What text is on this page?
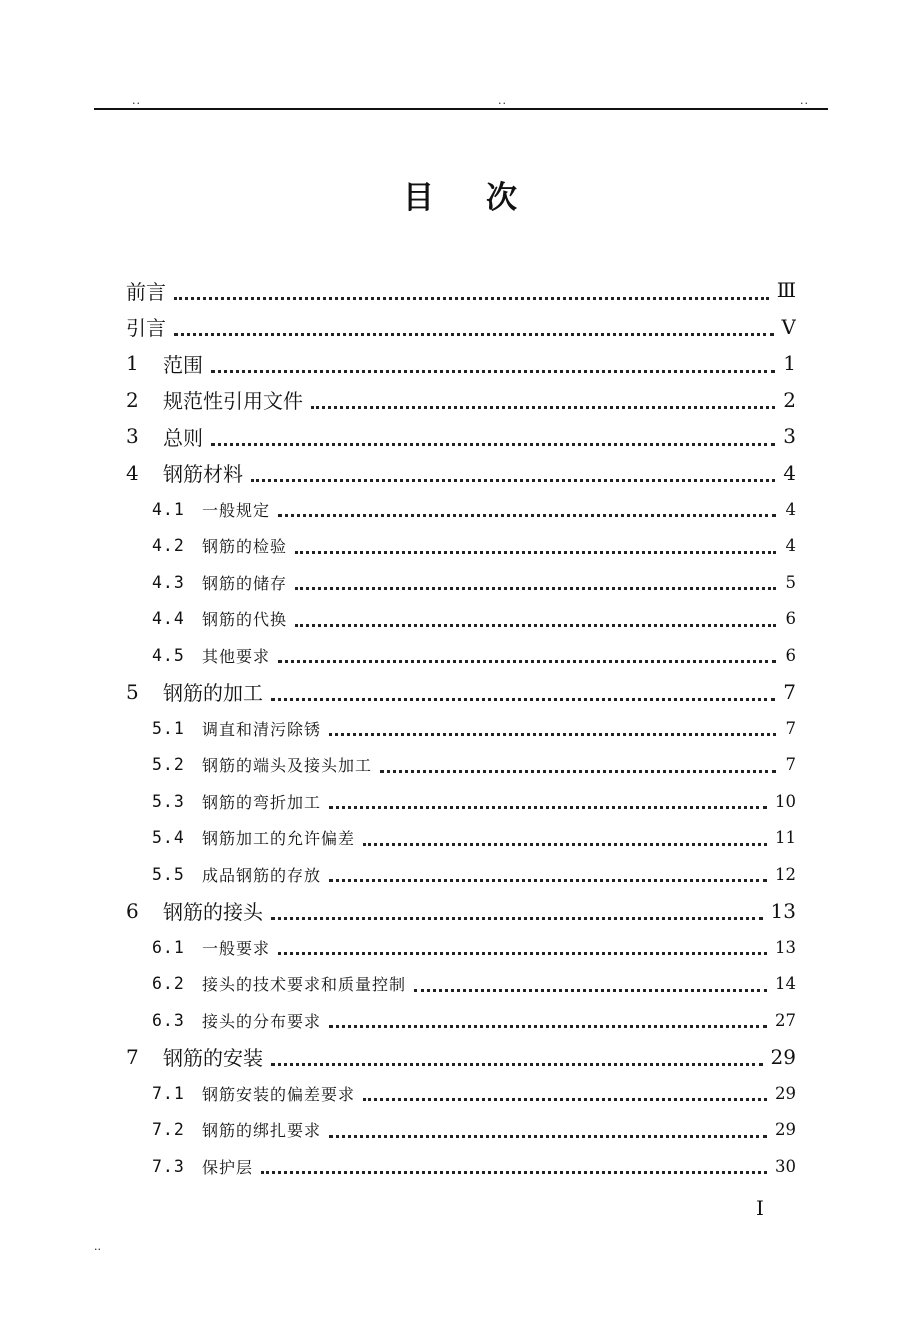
..	..	..
目次
前言	Ⅲ
引言	Ⅴ
1	范围	1
2	规范性引用文件	2
3	总则	3
4	钢筋材料	4
4.1	一般规定	4
4.2	钢筋的检验	4
4.3	钢筋的储存	5
4.4	钢筋的代换	6
4.5	其他要求	6
5	钢筋的加工	7
5.1	调直和清污除锈	7
5.2	钢筋的端头及接头加工	7
5.3	钢筋的弯折加工	10
5.4	钢筋加工的允许偏差	11
5.5	成品钢筋的存放	12
6	钢筋的接头	13
6.1	一般要求	13
6.2	接头的技术要求和质量控制	14
6.3	接头的分布要求	27
7	钢筋的安装	29
7.1	钢筋安装的偏差要求	29
7.2	钢筋的绑扎要求	29
7.3	保护层	30
I
..
